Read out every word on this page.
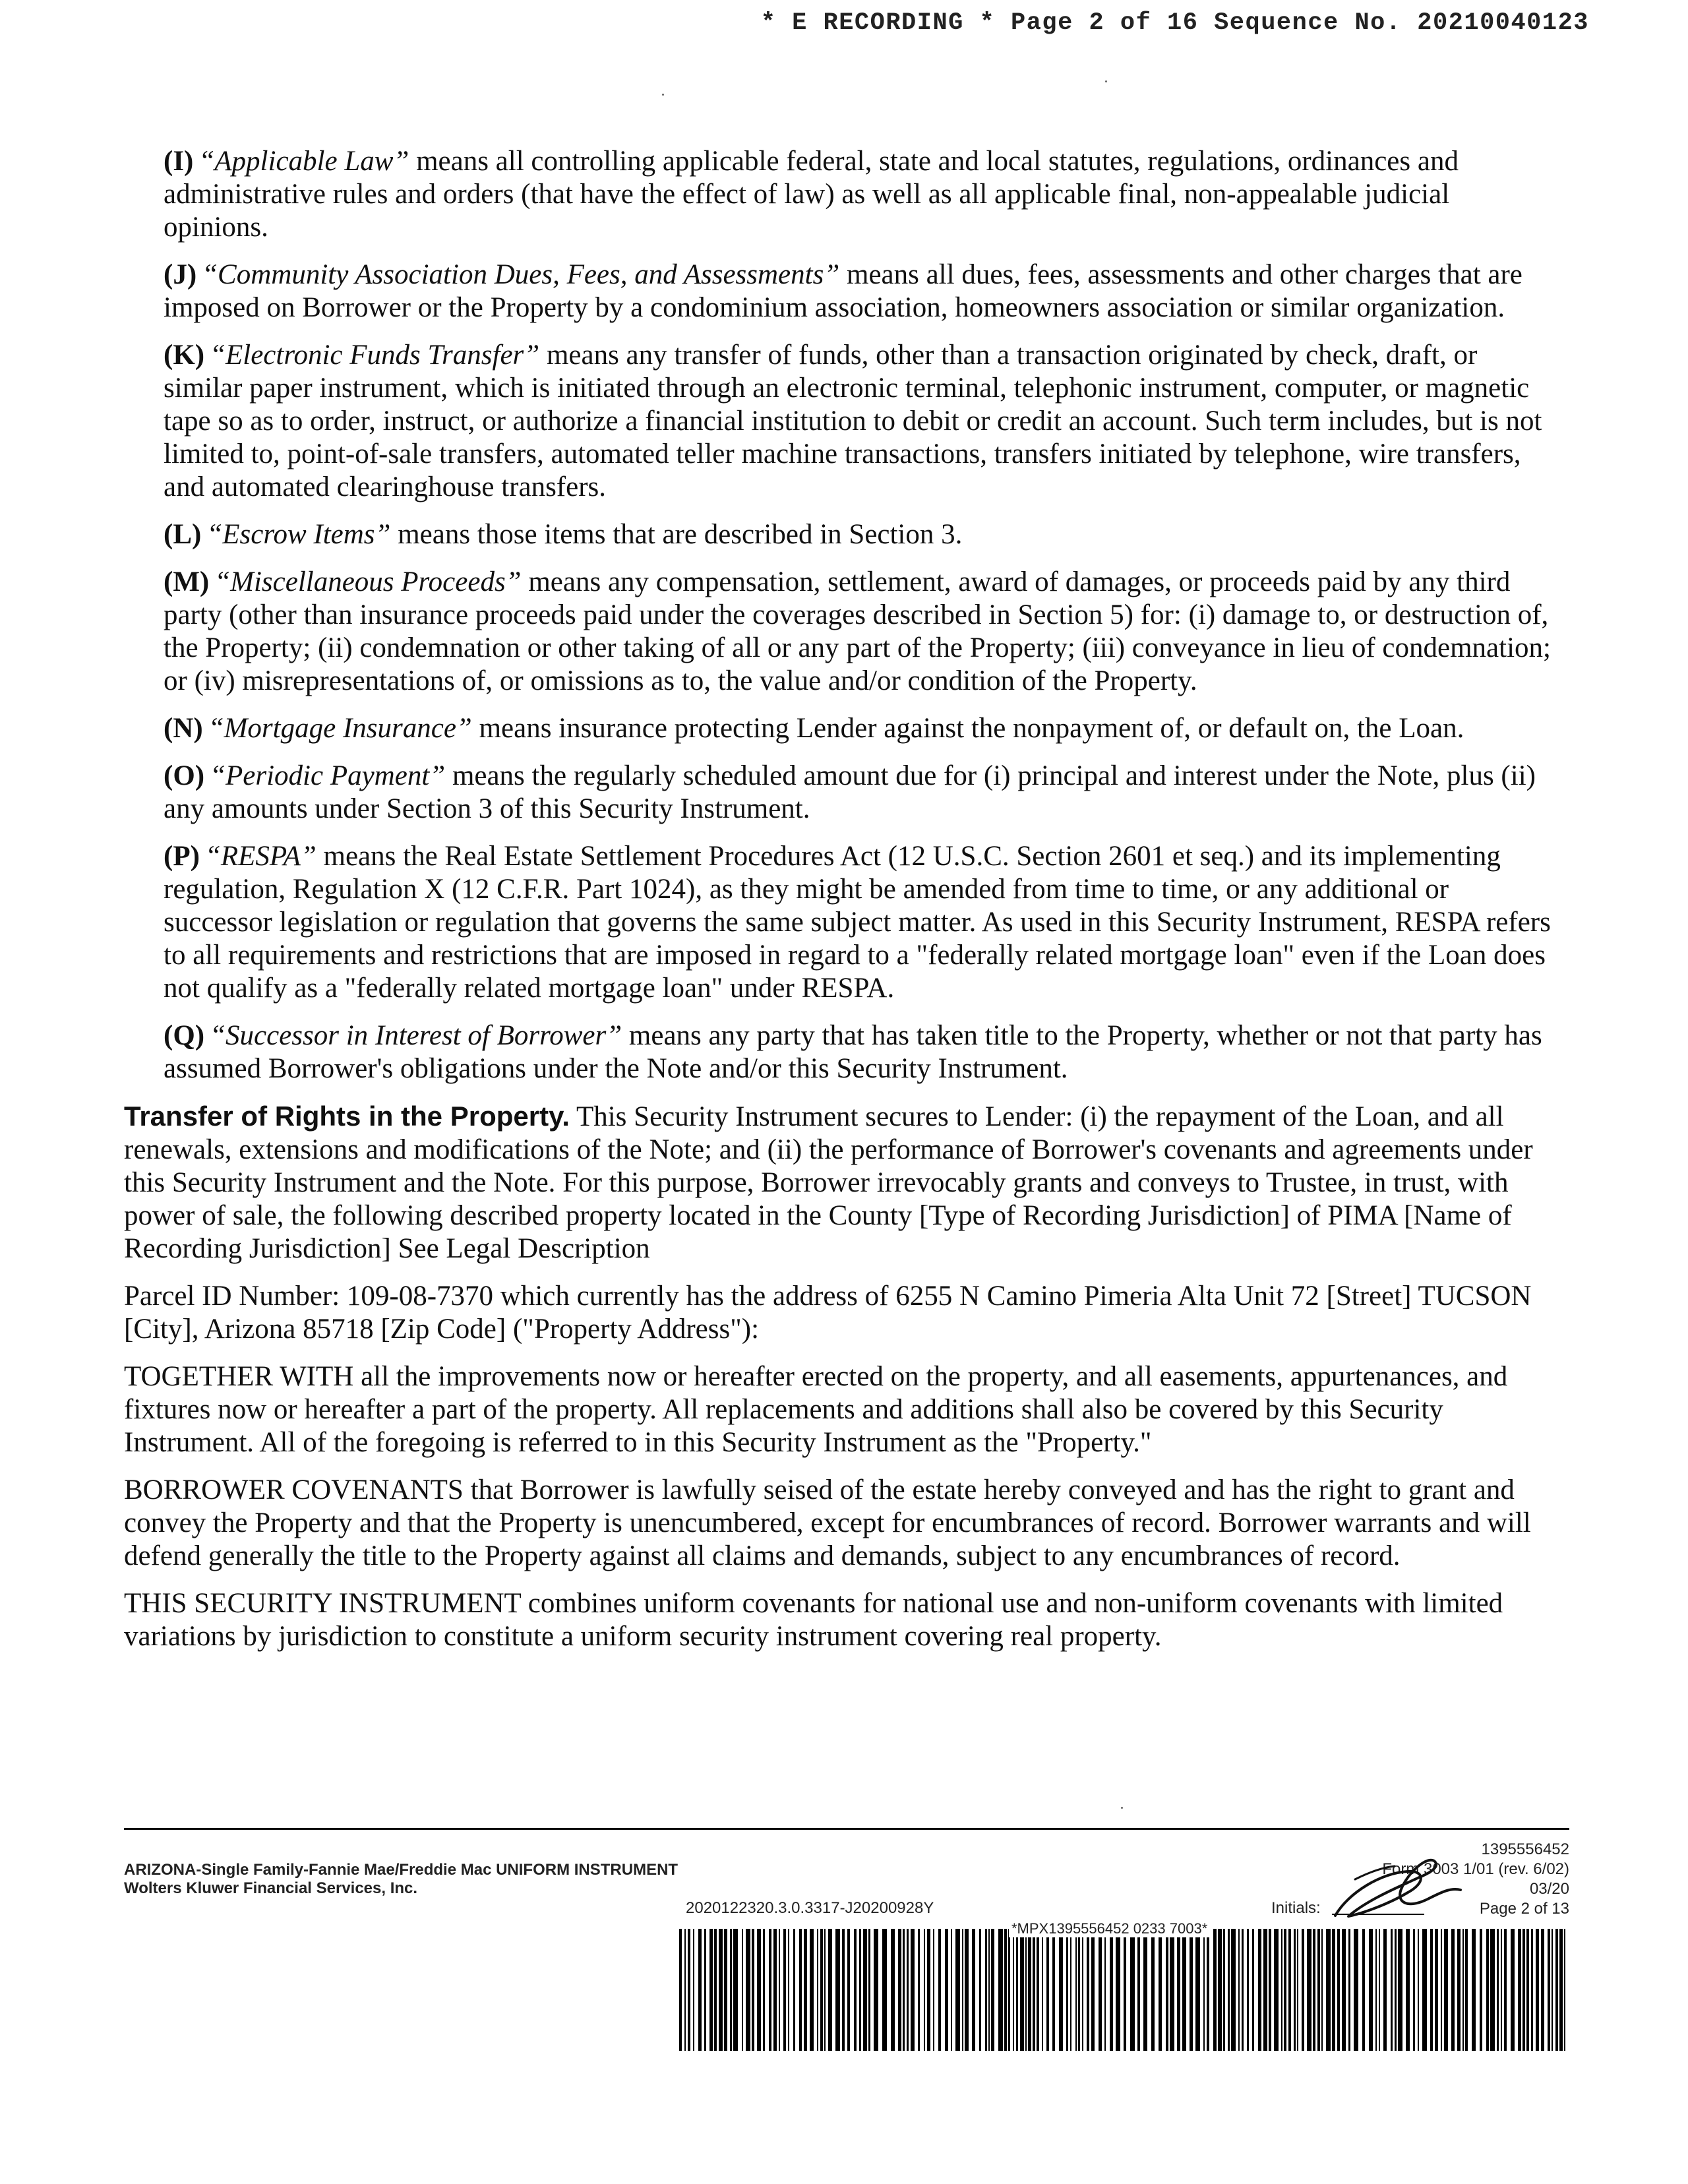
* E RECORDING * Page 2 of 16 Sequence No. 20210040123

(I) “Applicable Law” means all controlling applicable federal, state and local statutes, regulations, ordinances and administrative rules and orders (that have the effect of law) as well as all applicable final, non-appealable judicial opinions.

(J) “Community Association Dues, Fees, and Assessments” means all dues, fees, assessments and other charges that are imposed on Borrower or the Property by a condominium association, homeowners association or similar organization.

(K) “Electronic Funds Transfer” means any transfer of funds, other than a transaction originated by check, draft, or similar paper instrument, which is initiated through an electronic terminal, telephonic instrument, computer, or magnetic tape so as to order, instruct, or authorize a financial institution to debit or credit an account. Such term includes, but is not limited to, point-of-sale transfers, automated teller machine transactions, transfers initiated by telephone, wire transfers, and automated clearinghouse transfers.

(L) “Escrow Items” means those items that are described in Section 3.

(M) “Miscellaneous Proceeds” means any compensation, settlement, award of damages, or proceeds paid by any third party (other than insurance proceeds paid under the coverages described in Section 5) for: (i) damage to, or destruction of, the Property; (ii) condemnation or other taking of all or any part of the Property; (iii) conveyance in lieu of condemnation; or (iv) misrepresentations of, or omissions as to, the value and/or condition of the Property.

(N) “Mortgage Insurance” means insurance protecting Lender against the nonpayment of, or default on, the Loan.

(O) “Periodic Payment” means the regularly scheduled amount due for (i) principal and interest under the Note, plus (ii) any amounts under Section 3 of this Security Instrument.

(P) “RESPA” means the Real Estate Settlement Procedures Act (12 U.S.C. Section 2601 et seq.) and its implementing regulation, Regulation X (12 C.F.R. Part 1024), as they might be amended from time to time, or any additional or successor legislation or regulation that governs the same subject matter. As used in this Security Instrument, RESPA refers to all requirements and restrictions that are imposed in regard to a "federally related mortgage loan" even if the Loan does not qualify as a "federally related mortgage loan" under RESPA.

(Q) “Successor in Interest of Borrower” means any party that has taken title to the Property, whether or not that party has assumed Borrower's obligations under the Note and/or this Security Instrument.

Transfer of Rights in the Property. This Security Instrument secures to Lender: (i) the repayment of the Loan, and all renewals, extensions and modifications of the Note; and (ii) the performance of Borrower's covenants and agreements under this Security Instrument and the Note. For this purpose, Borrower irrevocably grants and conveys to Trustee, in trust, with power of sale, the following described property located in the County [Type of Recording Jurisdiction] of PIMA [Name of Recording Jurisdiction] See Legal Description

Parcel ID Number: 109-08-7370 which currently has the address of 6255 N Camino Pimeria Alta Unit 72 [Street] TUCSON [City], Arizona 85718 [Zip Code] ("Property Address"):

TOGETHER WITH all the improvements now or hereafter erected on the property, and all easements, appurtenances, and fixtures now or hereafter a part of the property. All replacements and additions shall also be covered by this Security Instrument. All of the foregoing is referred to in this Security Instrument as the "Property."

BORROWER COVENANTS that Borrower is lawfully seised of the estate hereby conveyed and has the right to grant and convey the Property and that the Property is unencumbered, except for encumbrances of record. Borrower warrants and will defend generally the title to the Property against all claims and demands, subject to any encumbrances of record.

THIS SECURITY INSTRUMENT combines uniform covenants for national use and non-uniform covenants with limited variations by jurisdiction to constitute a uniform security instrument covering real property.

ARIZONA-Single Family-Fannie Mae/Freddie Mac UNIFORM INSTRUMENT
Wolters Kluwer Financial Services, Inc.
2020122320.3.0.3317-J20200928Y
1395556452
Form 3003 1/01 (rev. 6/02)
03/20
Page 2 of 13
Initials:
*MPX1395556452 0233 7003*
